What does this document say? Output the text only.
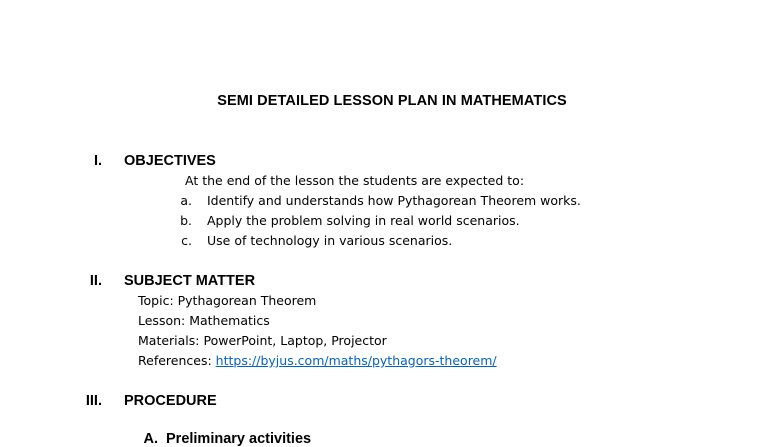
SEMI DETAILED LESSON PLAN IN MATHEMATICS
I. OBJECTIVES
At the end of the lesson the students are expected to:
a. Identify and understands how Pythagorean Theorem works.
b. Apply the problem solving in real world scenarios.
c. Use of technology in various scenarios.
II. SUBJECT MATTER
Topic: Pythagorean Theorem
Lesson: Mathematics
Materials: PowerPoint, Laptop, Projector
References: https://byjus.com/maths/pythagors-theorem/
III. PROCEDURE
A. Preliminary activities
